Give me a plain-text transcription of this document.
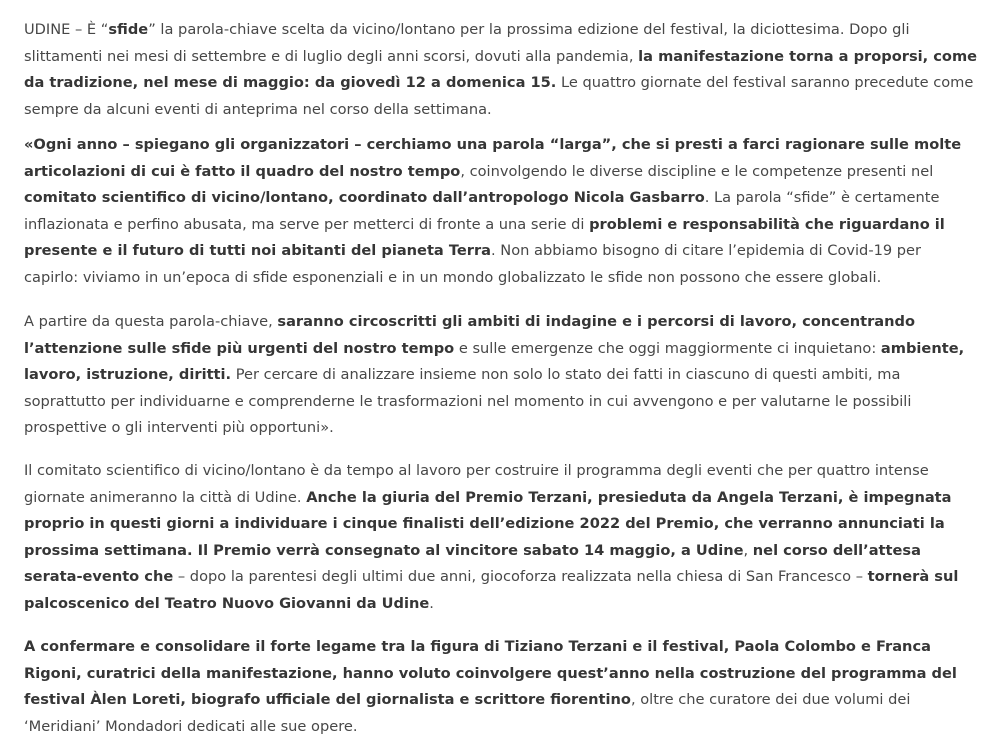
UDINE – È “sfide” la parola-chiave scelta da vicino/lontano per la prossima edizione del festival, la diciottesima. Dopo gli slittamenti nei mesi di settembre e di luglio degli anni scorsi, dovuti alla pandemia, la manifestazione torna a proporsi, come da tradizione, nel mese di maggio: da giovedì 12 a domenica 15. Le quattro giornate del festival saranno precedute come sempre da alcuni eventi di anteprima nel corso della settimana.

«Ogni anno – spiegano gli organizzatori – cerchiamo una parola “larga”, che si presti a farci ragionare sulle molte articolazioni di cui è fatto il quadro del nostro tempo, coinvolgendo le diverse discipline e le competenze presenti nel comitato scientifico di vicino/lontano, coordinato dall’antropologo Nicola Gasbarro. La parola “sfide” è certamente inflazionata e perfino abusata, ma serve per metterci di fronte a una serie di problemi e responsabilità che riguardano il presente e il futuro di tutti noi abitanti del pianeta Terra. Non abbiamo bisogno di citare l’epidemia di Covid-19 per capirlo: viviamo in un’epoca di sfide esponenziali e in un mondo globalizzato le sfide non possono che essere globali.

A partire da questa parola-chiave, saranno circoscritti gli ambiti di indagine e i percorsi di lavoro, concentrando l’attenzione sulle sfide più urgenti del nostro tempo e sulle emergenze che oggi maggiormente ci inquietano: ambiente, lavoro, istruzione, diritti. Per cercare di analizzare insieme non solo lo stato dei fatti in ciascuno di questi ambiti, ma soprattutto per individuarne e comprenderne le trasformazioni nel momento in cui avvengono e per valutarne le possibili prospettive o gli interventi più opportuni».

Il comitato scientifico di vicino/lontano è da tempo al lavoro per costruire il programma degli eventi che per quattro intense giornate animeranno la città di Udine. Anche la giuria del Premio Terzani, presieduta da Angela Terzani, è impegnata proprio in questi giorni a individuare i cinque finalisti dell’edizione 2022 del Premio, che verranno annunciati la prossima settimana. Il Premio verrà consegnato al vincitore sabato 14 maggio, a Udine, nel corso dell’attesa serata-evento che – dopo la parentesi degli ultimi due anni, giocoforza realizzata nella chiesa di San Francesco – tornerà sul palcoscenico del Teatro Nuovo Giovanni da Udine.

A confermare e consolidare il forte legame tra la figura di Tiziano Terzani e il festival, Paola Colombo e Franca Rigoni, curatrici della manifestazione, hanno voluto coinvolgere quest’anno nella costruzione del programma del festival Àlen Loreti, biografo ufficiale del giornalista e scrittore fiorentino, oltre che curatore dei due volumi dei ‘Meridiani’ Mondadori dedicati alle sue opere.
